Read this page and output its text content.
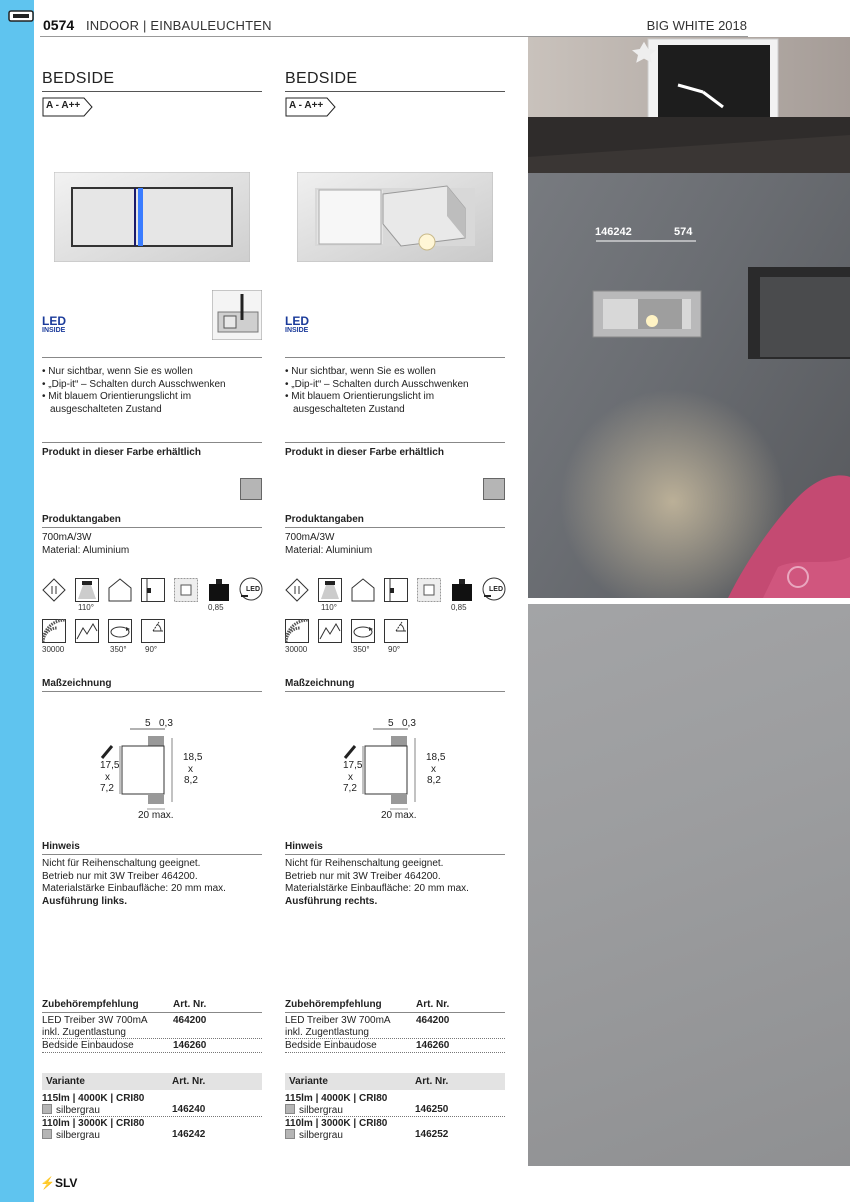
0574 INDOOR | EINBAULEUCHTEN	BIG WHITE 2018
BEDSIDE
A - A++
LED
INSIDE
• Nur sichtbar, wenn Sie es wollen
• „Dip-it“ – Schalten durch Ausschwenken
• Mit blauem Orientierungslicht im
ausgeschalteten Zustand
Produkt in dieser Farbe erhältlich
Produktangaben
700mA/3W
Material: Aluminium
110°	0,85
LED
30000	350° 90°
Maßzeichnung
5 0,3
17,5
x
7,2
18,5
x
8,2
20 max.
Hinweis
Nicht für Reihenschaltung geeignet.
Betrieb nur mit 3W Treiber 464200.
Materialstärke Einbaufläche: 20 mm max.
Ausführung links.
Zubehörempfehlung	Art. Nr.
LED Treiber 3W 700mA
inkl. Zugentlastung
464200
Bedside Einbaudose	146260
Variante	Art. Nr.
115lm | 4000K | CRI80
silbergrau	146240
110lm | 3000K | CRI80
silbergrau	146242
BEDSIDE
A - A++
LED
INSIDE
• Nur sichtbar, wenn Sie es wollen
• „Dip-it“ – Schalten durch Ausschwenken
• Mit blauem Orientierungslicht im
ausgeschalteten Zustand
Produkt in dieser Farbe erhältlich
Produktangaben
700mA/3W
Material: Aluminium
110°	0,85
LED
30000	350° 90°
Maßzeichnung
5 0,3
17,5
x
7,2
18,5
x
8,2
20 max.
Hinweis
Nicht für Reihenschaltung geeignet.
Betrieb nur mit 3W Treiber 464200.
Materialstärke Einbaufläche: 20 mm max.
Ausführung rechts.
Zubehörempfehlung	Art. Nr.
LED Treiber 3W 700mA
inkl. Zugentlastung
464200
Bedside Einbaudose	146260
Variante	Art. Nr.
115lm | 4000K | CRI80
silbergrau	146250
110lm | 3000K | CRI80
silbergrau	146252
146242	574
⚡SLV
